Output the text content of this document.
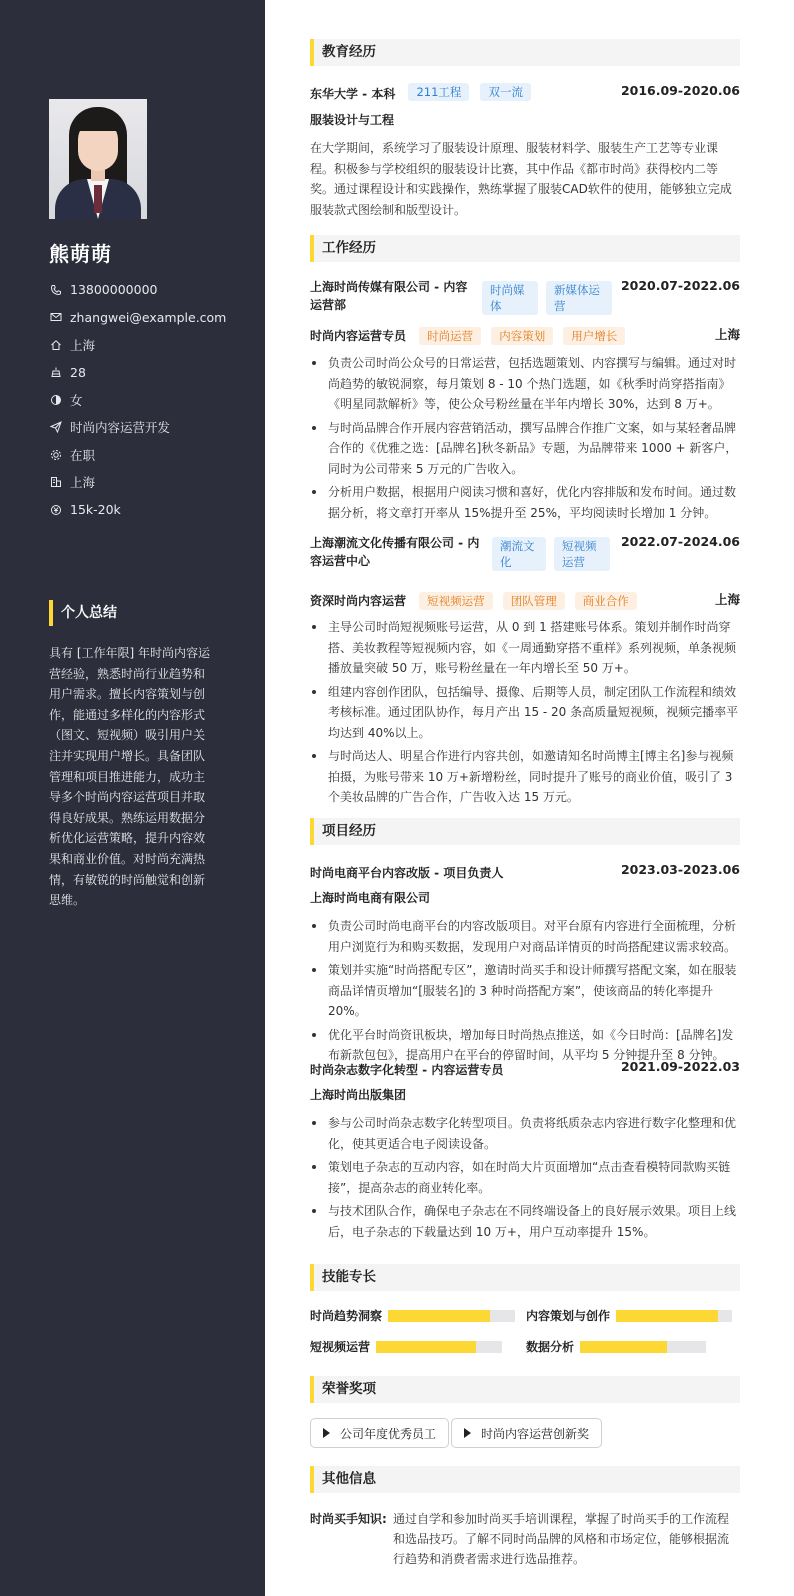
熊萌萌
13800000000
zhangwei@example.com
上海
28
女
时尚内容运营开发
在职
上海
15k-20k
个人总结
具有 [工作年限] 年时尚内容运营经验，熟悉时尚行业趋势和用户需求。擅长内容策划与创作，能通过多样化的内容形式（图文、短视频）吸引用户关注并实现用户增长。具备团队管理和项目推进能力，成功主导多个时尚内容运营项目并取得良好成果。熟练运用数据分析优化运营策略，提升内容效果和商业价值。对时尚充满热情，有敏锐的时尚触觉和创新思维。
教育经历
东华大学 - 本科 211工程 双一流	2016.09-2020.06
服装设计与工程
在大学期间，系统学习了服装设计原理、服装材料学、服装生产工艺等专业课程。积极参与学校组织的服装设计比赛，其中作品《都市时尚》获得校内二等奖。通过课程设计和实践操作，熟练掌握了服装CAD软件的使用，能够独立完成服装款式图绘制和版型设计。
工作经历
上海时尚传媒有限公司 - 内容运营部
时尚媒体
新媒体运营
2020.07-2022.06
时尚内容运营专员 时尚运营 内容策划 用户增长	上海
负责公司时尚公众号的日常运营，包括选题策划、内容撰写与编辑。通过对时尚趋势的敏锐洞察，每月策划 8 - 10 个热门选题，如《秋季时尚穿搭指南》《明星同款解析》等，使公众号粉丝量在半年内增长 30%，达到 8 万+。
与时尚品牌合作开展内容营销活动，撰写品牌合作推广文案，如与某轻奢品牌合作的《优雅之选：[品牌名]秋冬新品》专题，为品牌带来 1000 + 新客户，同时为公司带来 5 万元的广告收入。
分析用户数据，根据用户阅读习惯和喜好，优化内容排版和发布时间。通过数据分析，将文章打开率从 15%提升至 25%，平均阅读时长增加 1 分钟。
上海潮流文化传播有限公司 - 内容运营中心
潮流文化
短视频运营
2022.07-2024.06
资深时尚内容运营 短视频运营 团队管理 商业合作	上海
主导公司时尚短视频账号运营，从 0 到 1 搭建账号体系。策划并制作时尚穿搭、美妆教程等短视频内容，如《一周通勤穿搭不重样》系列视频，单条视频播放量突破 50 万，账号粉丝量在一年内增长至 50 万+。
组建内容创作团队，包括编导、摄像、后期等人员，制定团队工作流程和绩效考核标准。通过团队协作，每月产出 15 - 20 条高质量短视频，视频完播率平均达到 40%以上。
与时尚达人、明星合作进行内容共创，如邀请知名时尚博主[博主名]参与视频拍摄，为账号带来 10 万+新增粉丝，同时提升了账号的商业价值，吸引了 3 个美妆品牌的广告合作，广告收入达 15 万元。
项目经历
时尚电商平台内容改版 - 项目负责人	2023.03-2023.06
上海时尚电商有限公司
负责公司时尚电商平台的内容改版项目。对平台原有内容进行全面梳理，分析用户浏览行为和购买数据，发现用户对商品详情页的时尚搭配建议需求较高。
策划并实施“时尚搭配专区”，邀请时尚买手和设计师撰写搭配文案，如在服装商品详情页增加“[服装名]的 3 种时尚搭配方案”，使该商品的转化率提升 20%。
优化平台时尚资讯板块，增加每日时尚热点推送，如《今日时尚：[品牌名]发布新款包包》，提高用户在平台的停留时间，从平均 5 分钟提升至 8 分钟。
时尚杂志数字化转型 - 内容运营专员	2021.09-2022.03
上海时尚出版集团
参与公司时尚杂志数字化转型项目。负责将纸质杂志内容进行数字化整理和优化，使其更适合电子阅读设备。
策划电子杂志的互动内容，如在时尚大片页面增加“点击查看模特同款购买链接”，提高杂志的商业转化率。
与技术团队合作，确保电子杂志在不同终端设备上的良好展示效果。项目上线后，电子杂志的下载量达到 10 万+，用户互动率提升 15%。
技能专长
时尚趋势洞察	内容策划与创作
短视频运营	数据分析
荣誉奖项
公司年度优秀员工	时尚内容运营创新奖
其他信息
时尚买手知识: 通过自学和参加时尚买手培训课程，掌握了时尚买手的工作流程和选品技巧。了解不同时尚品牌的风格和市场定位，能够根据流行趋势和消费者需求进行选品推荐。
